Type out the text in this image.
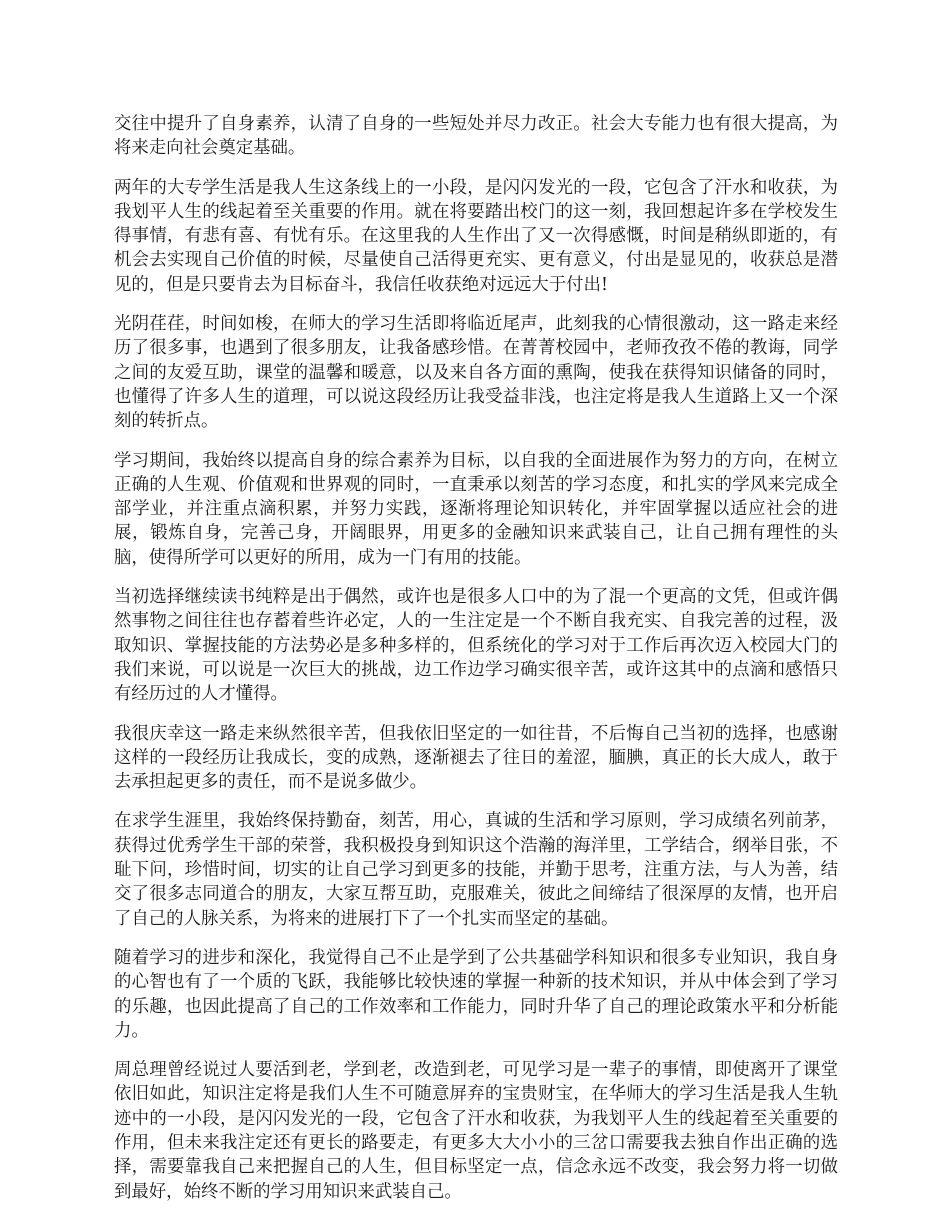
交往中提升了自身素养，认清了自身的一些短处并尽力改正。社会大专能力也有很大提高，为将来走向社会奠定基础。

两年的大专学生活是我人生这条线上的一小段，是闪闪发光的一段，它包含了汗水和收获，为我划平人生的线起着至关重要的作用。就在将要踏出校门的这一刻，我回想起许多在学校发生得事情，有悲有喜、有忧有乐。在这里我的人生作出了又一次得感慨，时间是稍纵即逝的，有机会去实现自己价值的时候，尽量使自己活得更充实、更有意义，付出是显见的，收获总是潜见的，但是只要肯去为目标奋斗，我信任收获绝对远远大于付出!

光阴荏荏，时间如梭，在师大的学习生活即将临近尾声，此刻我的心情很激动，这一路走来经历了很多事，也遇到了很多朋友，让我备感珍惜。在菁菁校园中，老师孜孜不倦的教诲，同学之间的友爱互助，课堂的温馨和暖意，以及来自各方面的熏陶，使我在获得知识储备的同时，也懂得了许多人生的道理，可以说这段经历让我受益非浅，也注定将是我人生道路上又一个深刻的转折点。

学习期间，我始终以提高自身的综合素养为目标，以自我的全面进展作为努力的方向，在树立正确的人生观、价值观和世界观的同时，一直秉承以刻苦的学习态度，和扎实的学风来完成全部学业，并注重点滴积累，并努力实践，逐渐将理论知识转化，并牢固掌握以适应社会的进展，锻炼自身，完善己身，开阔眼界，用更多的金融知识来武装自己，让自己拥有理性的头脑，使得所学可以更好的所用，成为一门有用的技能。

当初选择继续读书纯粹是出于偶然，或许也是很多人口中的为了混一个更高的文凭，但或许偶然事物之间往往也存蓄着些许必定，人的一生注定是一个不断自我充实、自我完善的过程，汲取知识、掌握技能的方法势必是多种多样的，但系统化的学习对于工作后再次迈入校园大门的我们来说，可以说是一次巨大的挑战，边工作边学习确实很辛苦，或许这其中的点滴和感悟只有经历过的人才懂得。

我很庆幸这一路走来纵然很辛苦，但我依旧坚定的一如往昔，不后悔自己当初的选择，也感谢这样的一段经历让我成长，变的成熟，逐渐褪去了往日的羞涩，腼腆，真正的长大成人，敢于去承担起更多的责任，而不是说多做少。

在求学生涯里，我始终保持勤奋，刻苦，用心，真诚的生活和学习原则，学习成绩名列前茅，获得过优秀学生干部的荣誉，我积极投身到知识这个浩瀚的海洋里，工学结合，纲举目张，不耻下问，珍惜时间，切实的让自己学习到更多的技能，并勤于思考，注重方法，与人为善，结交了很多志同道合的朋友，大家互帮互助，克服难关，彼此之间缔结了很深厚的友情，也开启了自己的人脉关系，为将来的进展打下了一个扎实而坚定的基础。

随着学习的进步和深化，我觉得自己不止是学到了公共基础学科知识和很多专业知识，我自身的心智也有了一个质的飞跃，我能够比较快速的掌握一种新的技术知识，并从中体会到了学习的乐趣，也因此提高了自己的工作效率和工作能力，同时升华了自己的理论政策水平和分析能力。

周总理曾经说过人要活到老，学到老，改造到老，可见学习是一辈子的事情，即使离开了课堂依旧如此，知识注定将是我们人生不可随意屏弃的宝贵财宝，在华师大的学习生活是我人生轨迹中的一小段，是闪闪发光的一段，它包含了汗水和收获，为我划平人生的线起着至关重要的作用，但未来我注定还有更长的路要走，有更多大大小小的三岔口需要我去独自作出正确的选择，需要靠我自己来把握自己的人生，但目标坚定一点，信念永远不改变，我会努力将一切做到最好，始终不断的学习用知识来武装自己。
